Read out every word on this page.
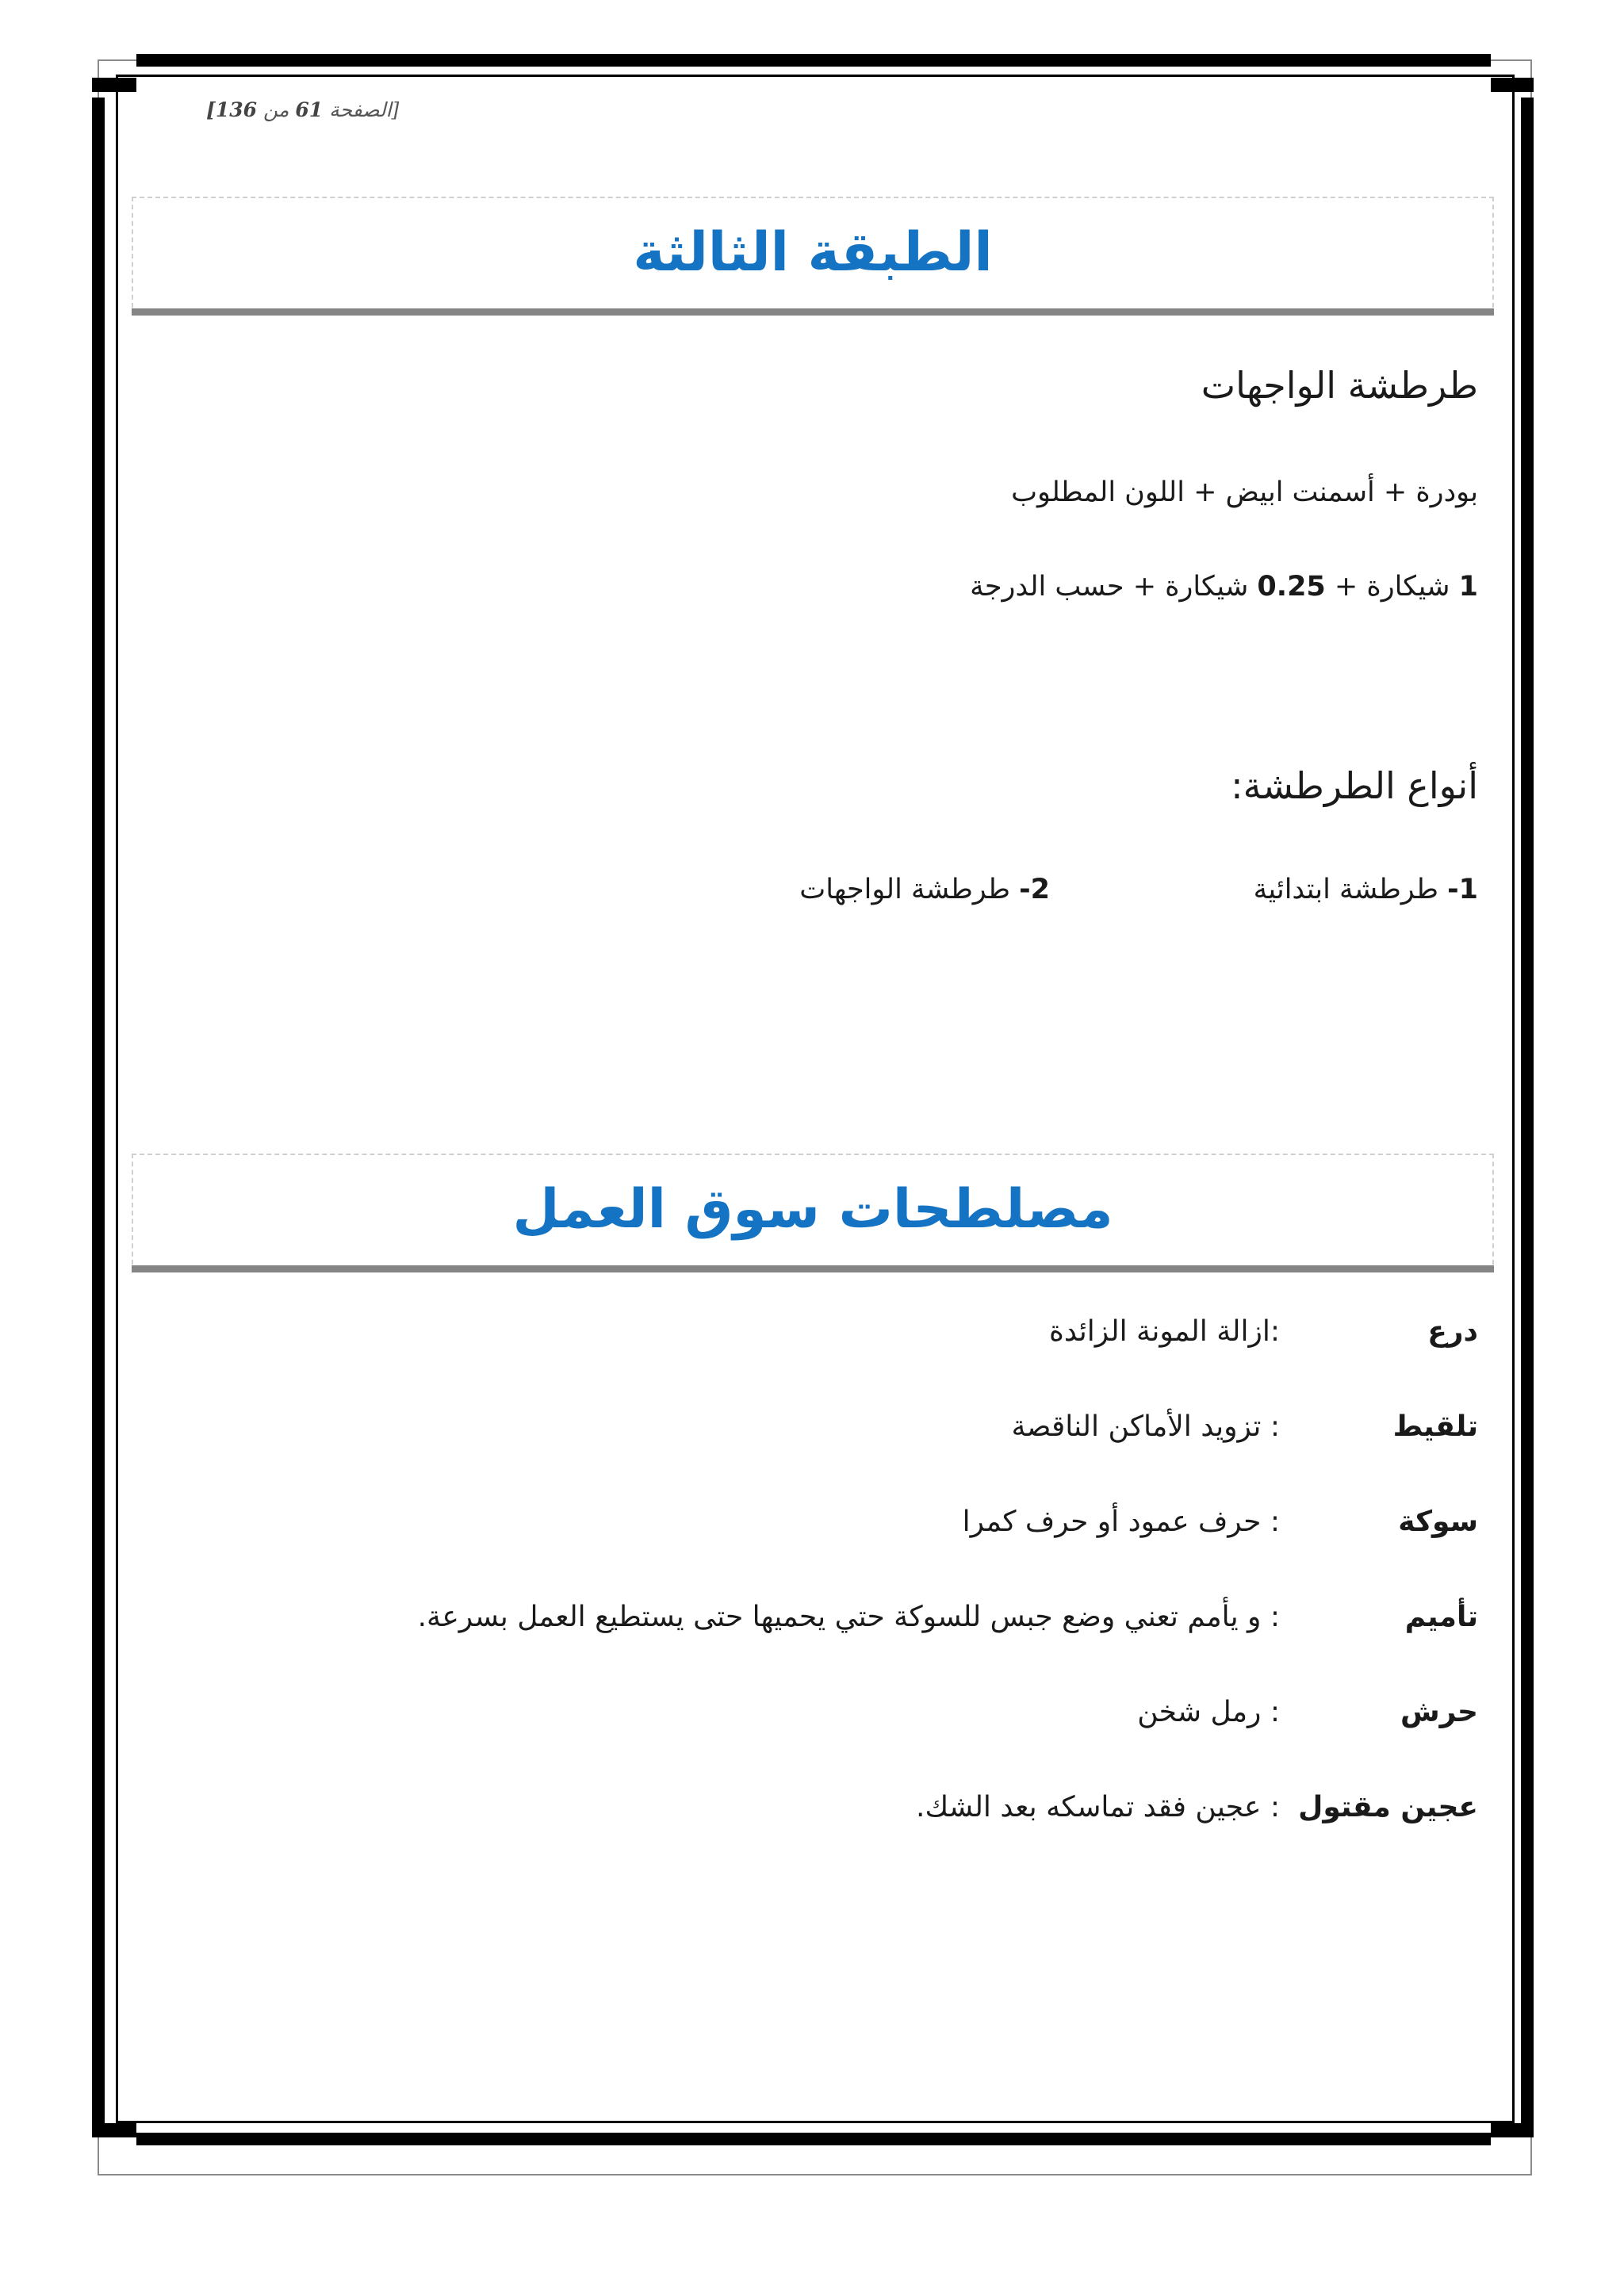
[الصفحة 61 من 136]
الطبقة الثالثة
طرطشة الواجهات
بودرة + أسمنت ابيض + اللون المطلوب
1 شيكارة + 0.25 شيكارة + حسب الدرجة
أنواع الطرطشة:
1- طرطشة ابتدائية
2- طرطشة الواجهات
مصلطحات سوق العمل
درع
:ازالة المونة الزائدة
تلقيط
: تزويد الأماكن الناقصة
سوكة
: حرف عمود أو حرف كمرا
تأميم
: و يأمم تعني وضع جبس للسوكة حتي يحميها حتى يستطيع العمل بسرعة.
حرش
: رمل شخن
عجين مقتول
: عجين فقد تماسكه بعد الشك.
